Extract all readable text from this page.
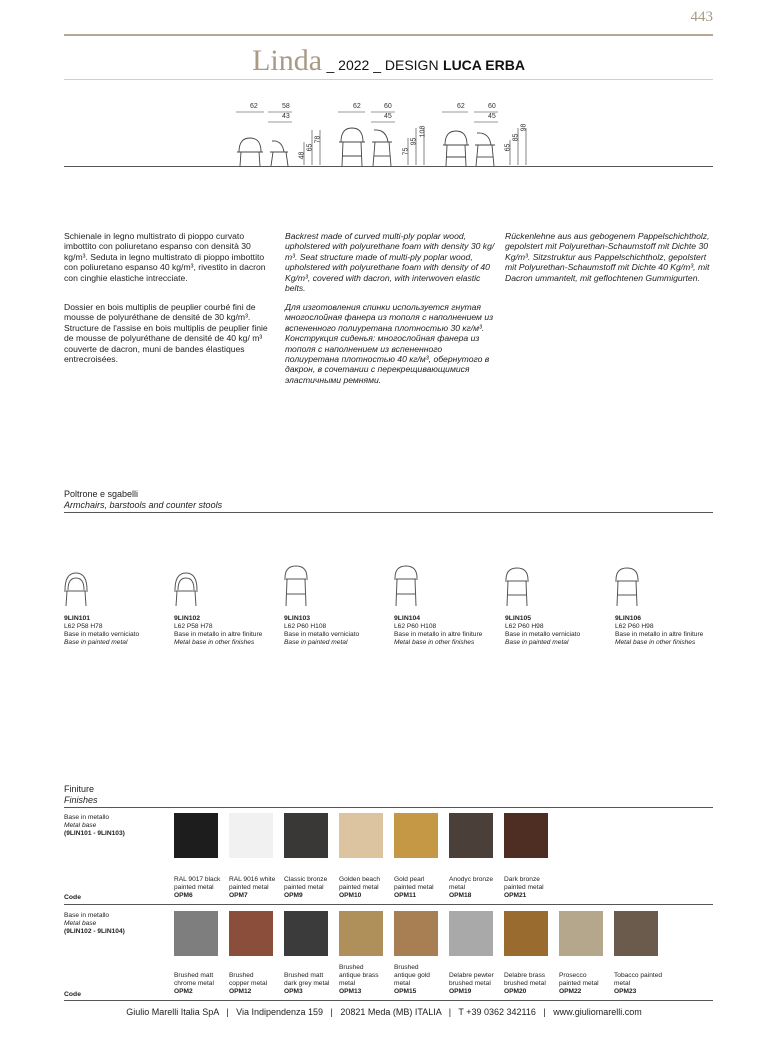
443
Linda _ 2022 _ DESIGN LUCA ERBA
62	58
43
62	60
45
62	60
45
48
65
78
75
95
108
65
85
98
Schienale in legno multistrato di pioppo curvato imbottito con poliuretano espanso con densità 30 kg/m³. Seduta in legno multistrato di pioppo imbottito con poliuretano espanso 40 kg/m³, rivestito in dacron con cinghie elastiche intrecciate.
Backrest made of curved multi-ply poplar wood, upholstered with polyurethane foam with density 30 kg/ m³. Seat structure made of multi-ply poplar wood, upholstered with polyurethane foam with density of 40 Kg/m³, covered with dacron, with interwoven elastic belts.
Rückenlehne aus aus gebogenem Pappelschichtholz, gepolstert mit Polyurethan-Schaumstoff mit Dichte 30 Kg/m³. Sitzstruktur aus Pappelschichtholz, gepolstert mit Polyurethan-Schaumstoff mit Dichte 40 Kg/m³, mit Dacron ummantelt, mit geflochtenen Gummigurten.
Dossier en bois multiplis de peuplier courbé fini de mousse de polyuréthane de densité de 30 kg/m³. Structure de l'assise en bois multiplis de peuplier finie de mousse de polyuréthane de densité de 40 kg/ m³ couverte de dacron, muni de bandes élastiques entrecroisées.
Для изготовления спинки используется гнутая многослойная фанера из тополя с наполнением из вспененного полиуретана плотностью 30 кг/м³. Конструкция сиденья: многослойная фанера из тополя с наполнением из вспененного полиуретана плотностью 40 кг/м³, обернутого в дакрон, в сочетании с перекрещивающимися эластичными ремнями.
Poltrone e sgabelli
Armchairs, barstools and counter stools
9LIN101
L62 P58 H78
Base in metallo verniciato
Base in painted metal
9LIN102
L62 P58 H78
Base in metallo in altre finiture
Metal base in other finishes
9LIN103
L62 P60 H108
Base in metallo verniciato
Base in painted metal
9LIN104
L62 P60 H108
Base in metallo in altre finiture
Metal base in other finishes
9LIN105
L62 P60 H98
Base in metallo verniciato
Base in painted metal
9LIN106
L62 P60 H98
Base in metallo in altre finiture
Metal base in other finishes
Finiture
Finishes
Base in metallo
Metal base
(9LIN101 - 9LIN103)
RAL 9017 black painted metal
OPM6
RAL 9016 white painted metal
OPM7
Classic bronze painted metal
OPM9
Golden beach painted metal
OPM10
Gold pearl painted metal
OPM11
Anodyc bronze metal
OPM18
Dark bronze painted metal
OPM21
Code
Base in metallo
Metal base
(9LIN102 - 9LIN104)
Brushed matt chrome metal
OPM2
Brushed copper metal
OPM12
Brushed matt dark grey metal
OPM3
Brushed antique brass metal
OPM13
Brushed antique gold metal
OPM15
Delabre pewter brushed metal
OPM19
Delabre brass brushed metal
OPM20
Prosecco painted metal
OPM22
Tobacco painted metal
OPM23
Code
Giulio Marelli Italia SpA   |   Via Indipendenza 159   |   20821 Meda (MB) ITALIA   |   T +39 0362 342116   |   www.giuliomarelli.com
